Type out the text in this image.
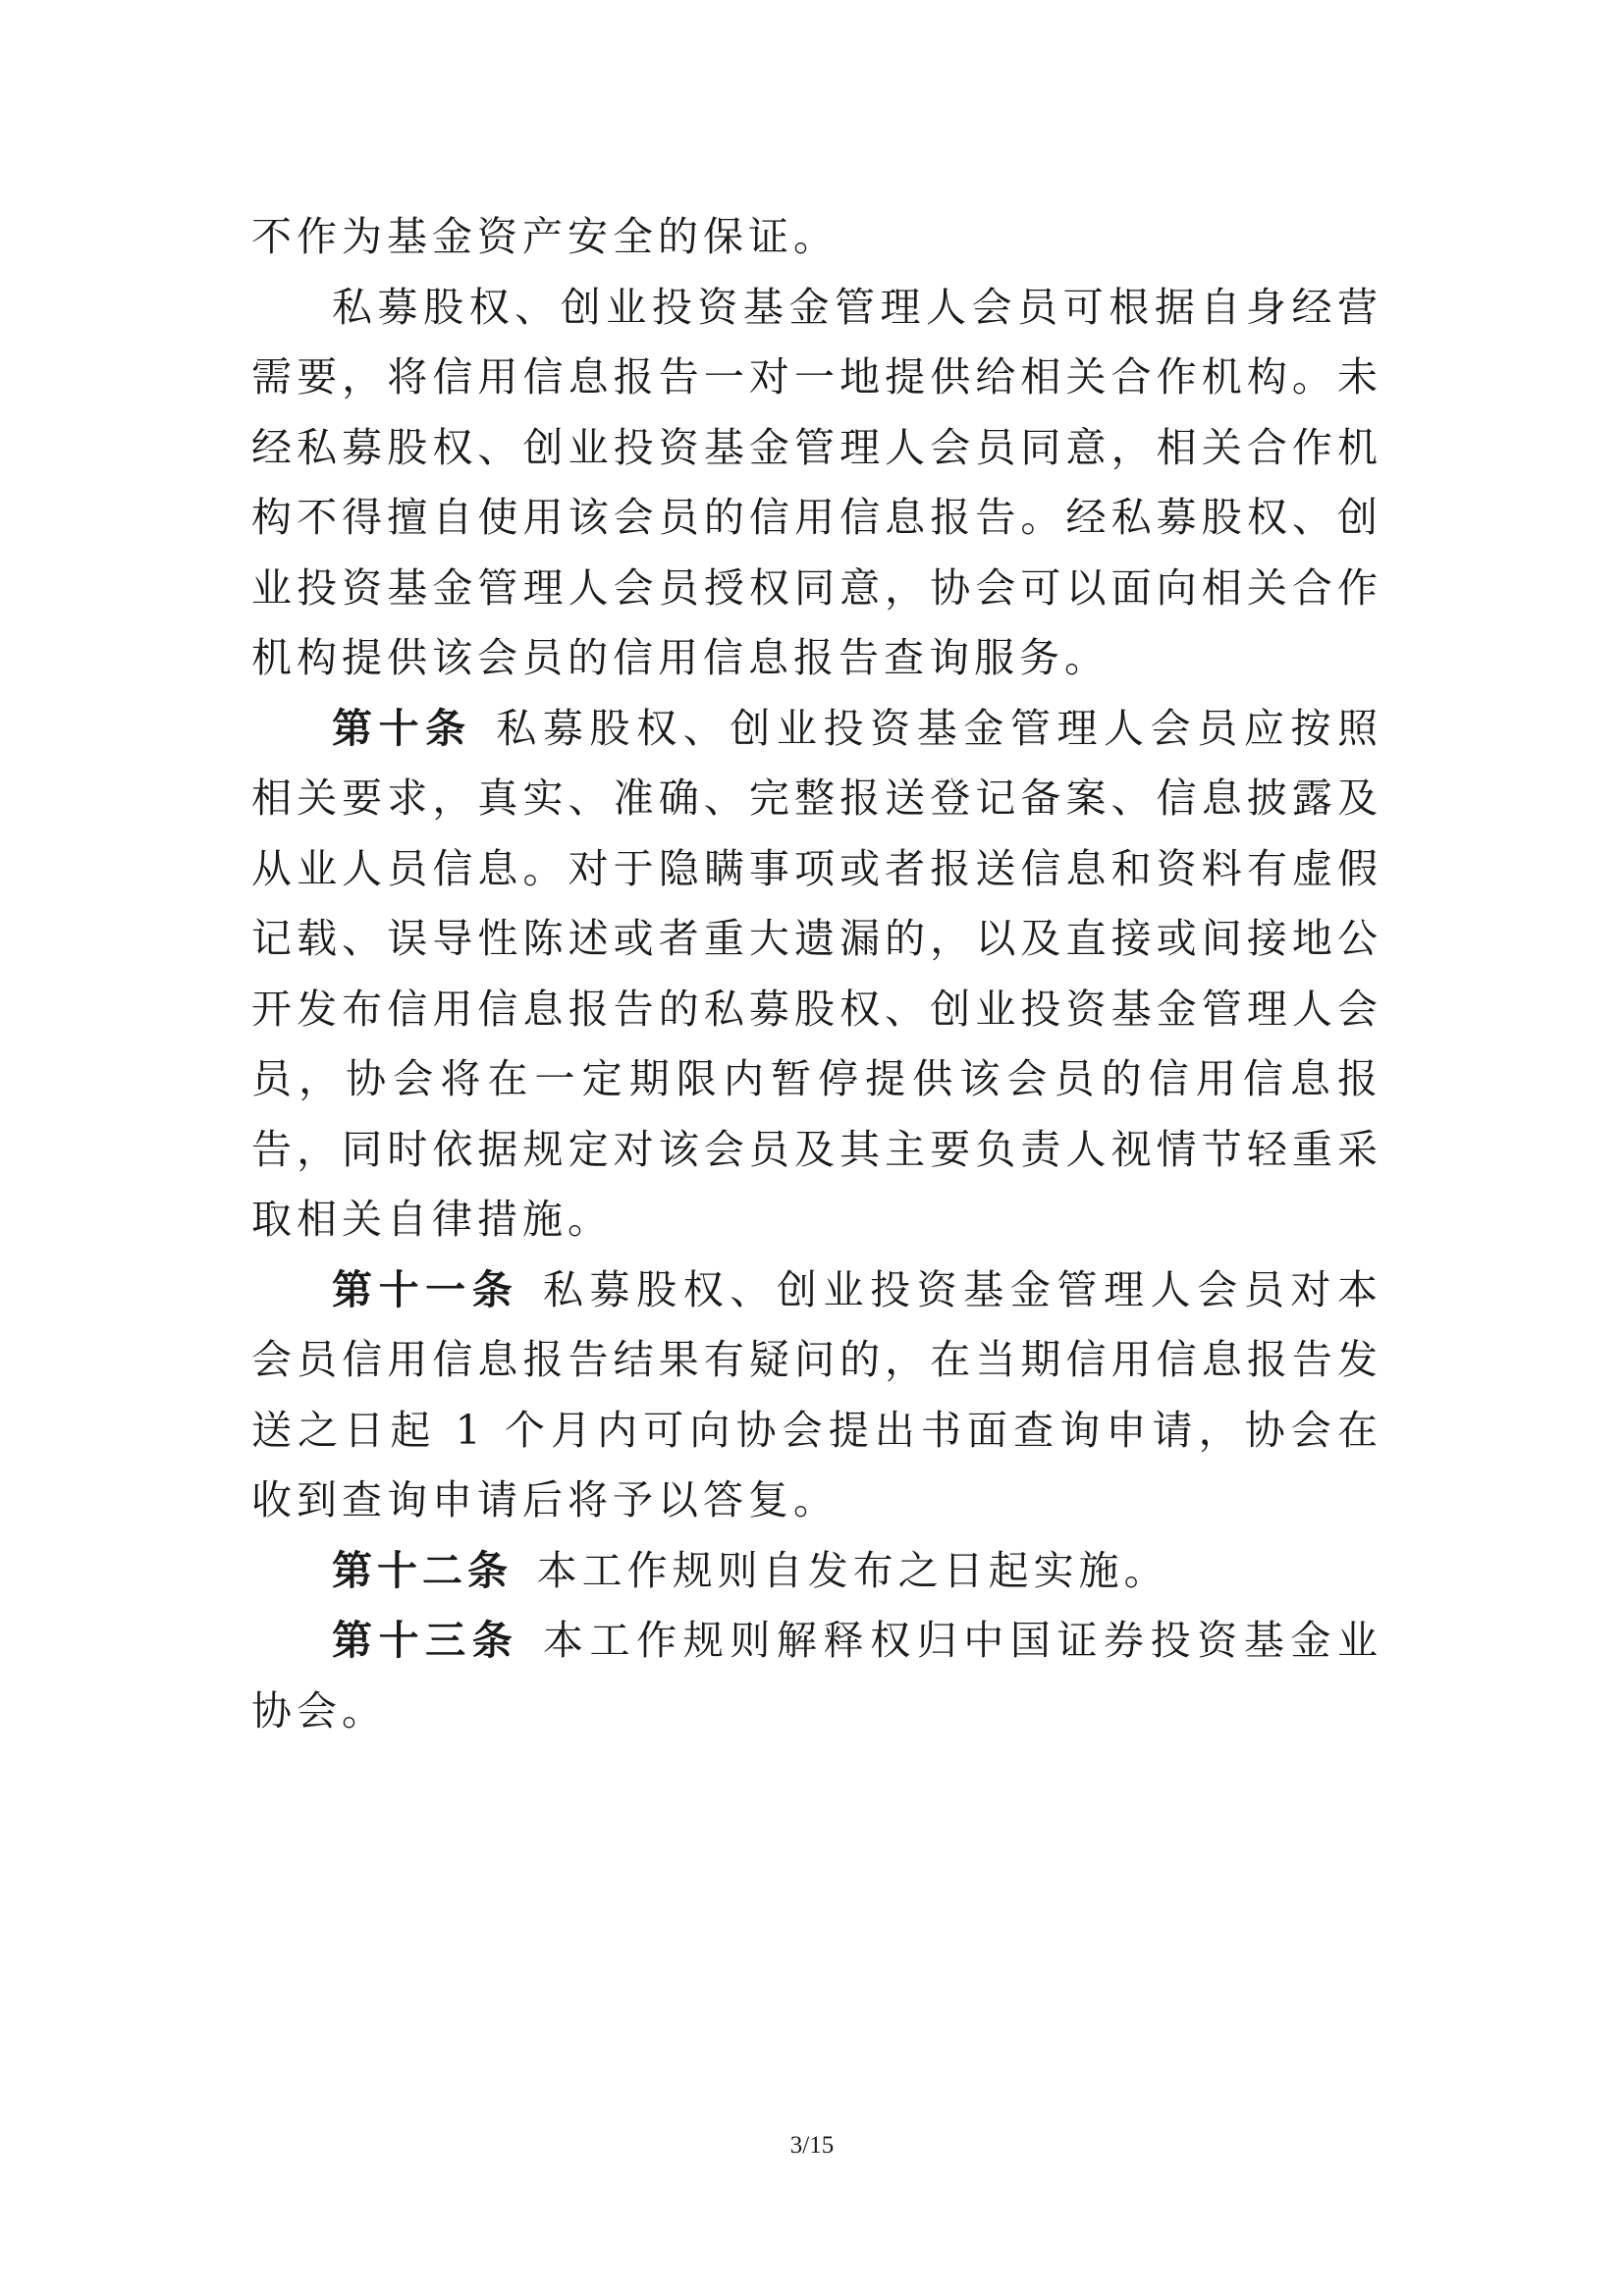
不作为基金资产安全的保证。

私募股权、创业投资基金管理人会员可根据自身经营需要，将信用信息报告一对一地提供给相关合作机构。未经私募股权、创业投资基金管理人会员同意，相关合作机构不得擅自使用该会员的信用信息报告。经私募股权、创业投资基金管理人会员授权同意，协会可以面向相关合作机构提供该会员的信用信息报告查询服务。

第十条 私募股权、创业投资基金管理人会员应按照相关要求，真实、准确、完整报送登记备案、信息披露及从业人员信息。对于隐瞒事项或者报送信息和资料有虚假记载、误导性陈述或者重大遗漏的，以及直接或间接地公开发布信用信息报告的私募股权、创业投资基金管理人会员，协会将在一定期限内暂停提供该会员的信用信息报告，同时依据规定对该会员及其主要负责人视情节轻重采取相关自律措施。

第十一条 私募股权、创业投资基金管理人会员对本会员信用信息报告结果有疑问的，在当期信用信息报告发送之日起 1 个月内可向协会提出书面查询申请，协会在收到查询申请后将予以答复。

第十二条 本工作规则自发布之日起实施。

第十三条 本工作规则解释权归中国证券投资基金业协会。

3/15
